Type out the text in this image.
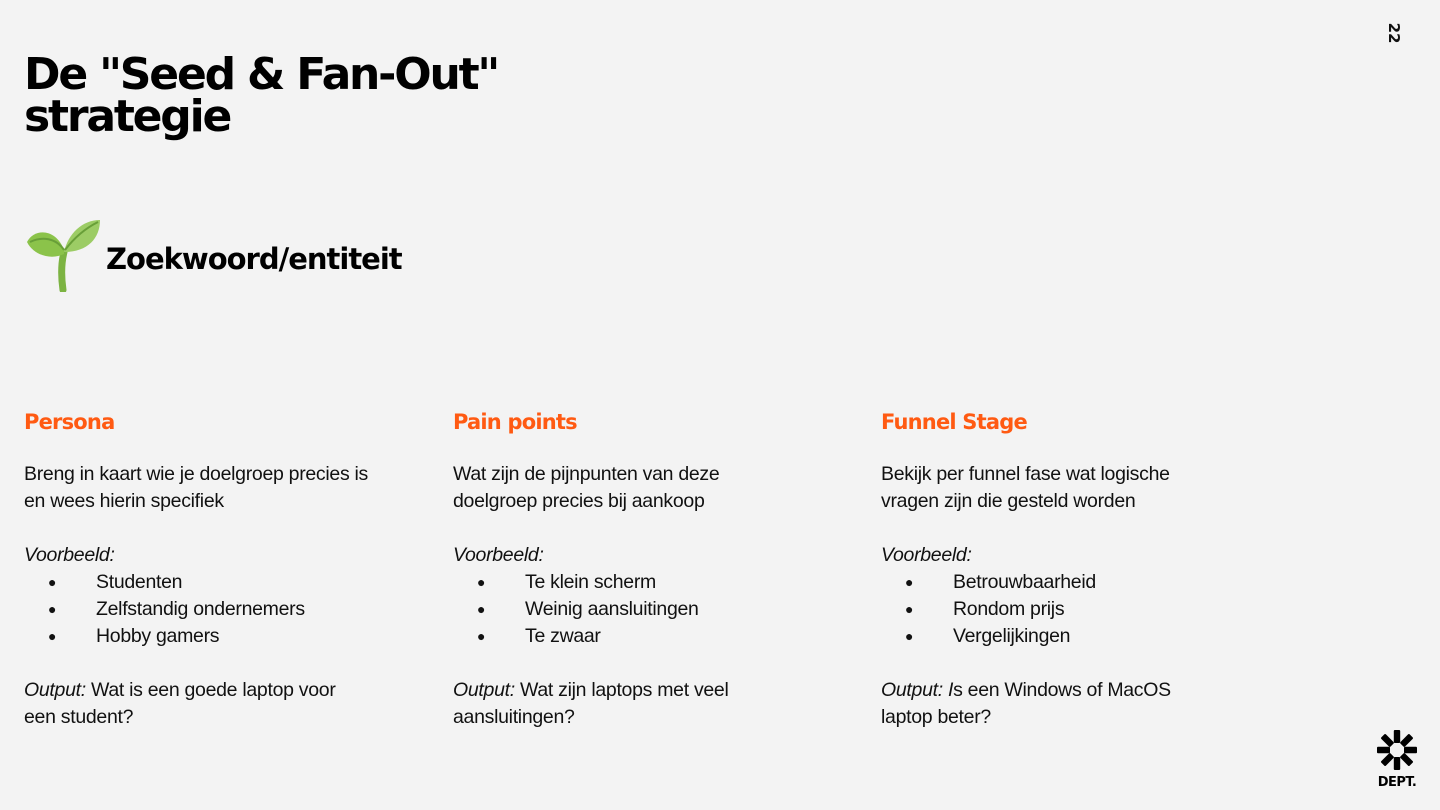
22
De "Seed & Fan-Out"
strategie
Zoekwoord/entiteit
Persona
Breng in kaart wie je doelgroep precies is
en wees hierin specifiek
Voorbeeld:
● Studenten
● Zelfstandig ondernemers
● Hobby gamers
Output: Wat is een goede laptop voor
een student?
Pain points
Wat zijn de pijnpunten van deze
doelgroep precies bij aankoop
Voorbeeld:
● Te klein scherm
● Weinig aansluitingen
● Te zwaar
Output: Wat zijn laptops met veel
aansluitingen?
Funnel Stage
Bekijk per funnel fase wat logische
vragen zijn die gesteld worden
Voorbeeld:
● Betrouwbaarheid
● Rondom prijs
● Vergelijkingen
Output: Is een Windows of MacOS
laptop beter?
DEPT.
